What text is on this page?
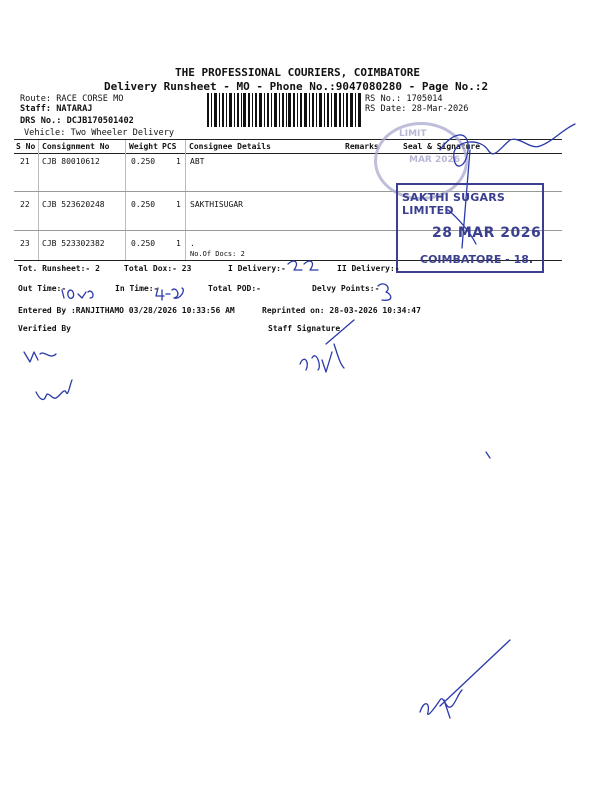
THE PROFESSIONAL COURIERS, COIMBATORE
Delivery Runsheet - MO - Phone No.:9047080280 - Page No.:2
Route: RACE CORSE MO
Staff: NATARAJ
DRS No.: DCJB170501402
Vehicle: Two Wheeler Delivery
RS No.: 1705014
RS Date: 28-Mar-2026
S No Consignment No Weight PCS Consignee Details	Remarks	Seal & Signature
21 CJB 80010612	0.250	1 ABT
22 CJB 523620248	0.250	1 SAKTHISUGAR
23 CJB 523302382	0.250	1 .
No.Of Docs: 2
LIMIT
MAR 2026
SAKTHI SUGARS LIMITED
28 MAR 2026
COIMBATORE - 18.
Tot. Runsheet:- 2	Total Dox:- 23	I Delivery:-	II Delivery:-
Out Time:-	In Time:-	Total POD:-	Delvy Points:-
Entered By :RANJITHAMO 03/28/2026 10:33:56 AM	Reprinted on: 28-03-2026 10:34:47
Verified By	Staff Signature
